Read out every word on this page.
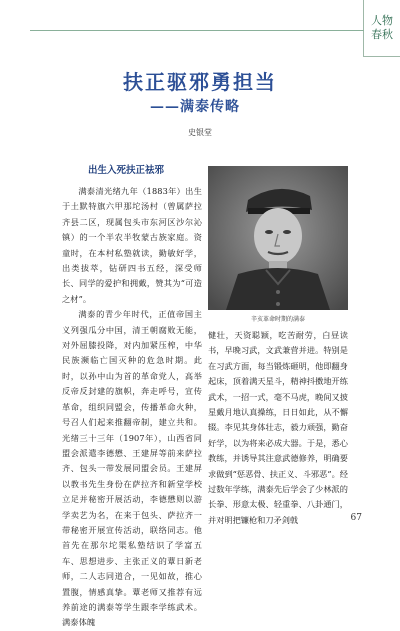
人物
春秋
扶正驱邪勇担当
——满泰传略
史银堂
出生入死扶正祛邪

满泰清光绪九年（1883年）出生于土默特旗六甲那坨汤村（曾属萨拉齐县二区，现属包头市东河区沙尔沁镇）的一个半农半牧蒙古族家庭。资童时，在本村私塾就读，勤敏好学，出类拔萃，钻研四书五经，深受师长、同学的爱护和拥戴，赞其为“可造之材”。

满泰的青少年时代，正值帝国主义列强瓜分中国，清王朝腐败无能，对外屈膝投降，对内加紧压榨，中华民族濒临亡国灭种的危急时期。此时，以孙中山为首的革命党人，高举反帝反封建的旗帜，奔走呼号，宣传革命，组织同盟会，传播革命火种，号召人们起来推翻帝制，建立共和。光绪三十三年（1907年），山西省同盟会派遣李德懋、王建屏等前来萨拉齐、包头一带发展同盟会员。王建屏以教书先生身份在萨拉齐和新堂学校立足并秘密开展活动，李德懋则以游学卖艺为名，在来于包头、萨拉齐一带秘密开展宣传活动，联络同志。他首先在那尔坨渠私塾结识了学富五车、思想进步、主张正义的蕈日新老师，二人志同道合，一见如故，推心置腹，情感真挚。蕈老师又推荐有远养前途的满泰等学生跟李学练武术。满泰体魄

辛亥革命时期的满泰
健壮，天资聪颖，吃苦耐劳，白昼读书，早晚习武，文武兼营并进。特别是在习武方面，每当锻炼砸明，他即翻身起床，顶着满天星斗，精神抖擞地开练武术，一招一式，毫不马虎，晚间又披星戴月地认真操练，日日如此，从不懈辍。李见其身体壮志，毅力顽强，勤奋好学，以为将来必成大器。于是，悉心教练，并诱导其注意武德修养，明确要求做到“惩恶骨、扶正义、斗邪恶”。经过数年学练，满泰先后学会了少林派的长拳、形意太极、轻重拳、八卦通门，并对明把镰枪和刀矛剑戟	67
